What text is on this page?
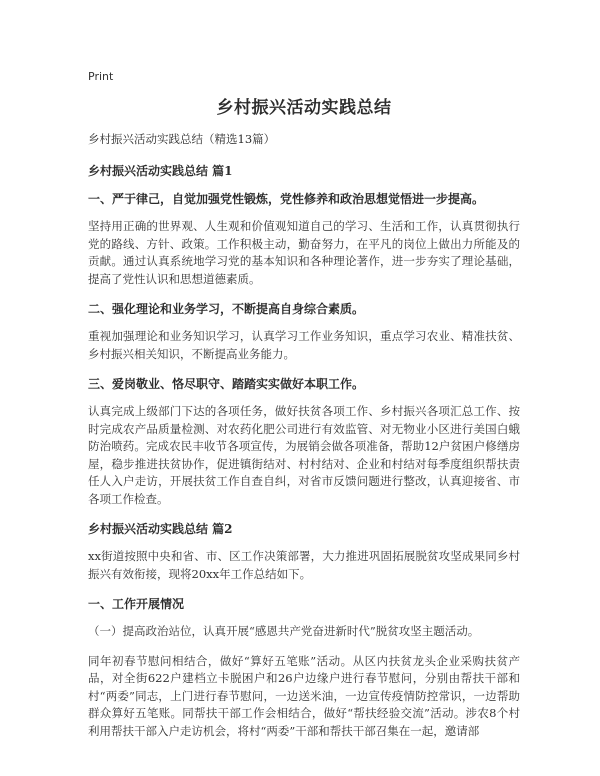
Print
乡村振兴活动实践总结
乡村振兴活动实践总结（精选13篇）
乡村振兴活动实践总结 篇1
一、严于律己，自觉加强党性锻炼，党性修养和政治思想觉悟进一步提高。
坚持用正确的世界观、人生观和价值观知道自己的学习、生活和工作，认真贯彻执行党的路线、方针、政策。工作积极主动，勤奋努力，在平凡的岗位上做出力所能及的贡献。通过认真系统地学习党的基本知识和各种理论著作，进一步夯实了理论基础，提高了党性认识和思想道德素质。
二、强化理论和业务学习，不断提高自身综合素质。
重视加强理论和业务知识学习，认真学习工作业务知识，重点学习农业、精准扶贫、乡村振兴相关知识，不断提高业务能力。
三、爱岗敬业、恪尽职守、踏踏实实做好本职工作。
认真完成上级部门下达的各项任务，做好扶贫各项工作、乡村振兴各项汇总工作、按时完成农产品质量检测、对农药化肥公司进行有效监管、对无物业小区进行美国白蛾防治喷药。完成农民丰收节各项宣传，为展销会做各项准备，帮助12户贫困户修缮房屋，稳步推进扶贫协作，促进镇街结对、村村结对、企业和村结对每季度组织帮扶责任人入户走访，开展扶贫工作自查自纠，对省市反馈问题进行整改，认真迎接省、市各项工作检查。
乡村振兴活动实践总结 篇2
xx街道按照中央和省、市、区工作决策部署，大力推进巩固拓展脱贫攻坚成果同乡村振兴有效衔接，现将20xx年工作总结如下。
一、工作开展情况
（一）提高政治站位，认真开展“感恩共产党奋进新时代”脱贫攻坚主题活动。
同年初春节慰问相结合，做好“算好五笔账”活动。从区内扶贫龙头企业采购扶贫产品，对全街622户建档立卡脱困户和26户边缘户进行春节慰问，分别由帮扶干部和村“两委”同志，上门进行春节慰问，一边送米油，一边宣传疫情防控常识，一边帮助群众算好五笔账。同帮扶干部工作会相结合，做好“帮扶经验交流”活动。涉农8个村利用帮扶干部入户走访机会，将村“两委”干部和帮扶干部召集在一起，邀请部
